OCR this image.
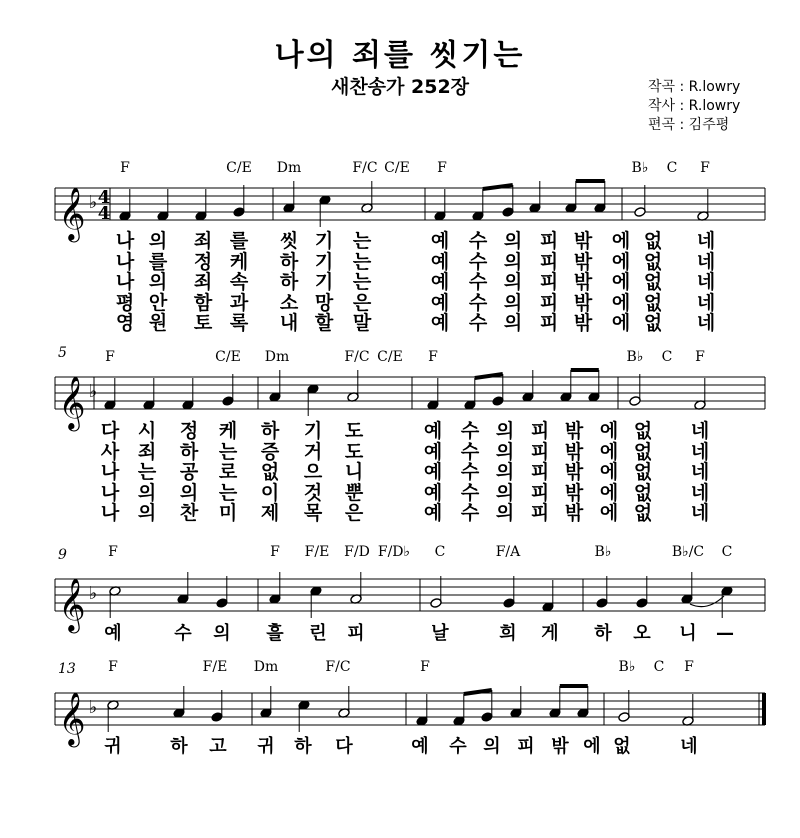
나의 죄를 씻기는
새찬송가 252장	작곡 : R.lowry
작사 : R.lowry
편곡 : 김주평
𝄞 ♭ 4
4
F	C/E Dm	F/C C/E F	B♭ C F
나 의 죄 를 씻 기 는	예 수 의 피 밖 에 없 네
나 를 정 케 하 기 는	예 수 의 피 밖 에 없 네
나 의 죄 속 하 기 는	예 수 의 피 밖 에 없 네
평 안 함 과 소 망 은	예 수 의 피 밖 에 없 네
영 원 토 록 내 할 말	예 수 의 피 밖 에 없 네
𝄞 ♭
5	F	C/E Dm	F/C C/E F	B♭ C F
다 시 정 케 하 기 도	예 수 의 피 밖 에 없 네
사 죄 하 는 증 거 도	예 수 의 피 밖 에 없 네
나 는 공 로 없 으 니	예 수 의 피 밖 에 없 네
나 의 의 는 이 것 뿐	예 수 의 피 밖 에 없 네
나 의 찬 미 제 목 은	예 수 의 피 밖 에 없 네
𝄞 ♭
9	F	F F/E F/D F/D♭ C	F/A	B♭	B♭/C C
예	수 의 흘 린 피	날	희 게 하 오 니 —
𝄞 ♭
13 F	F/E Dm	F/C	F	B♭ C F
귀	하 고 귀 하 다	예 수 의 피 밖 에 없	네
